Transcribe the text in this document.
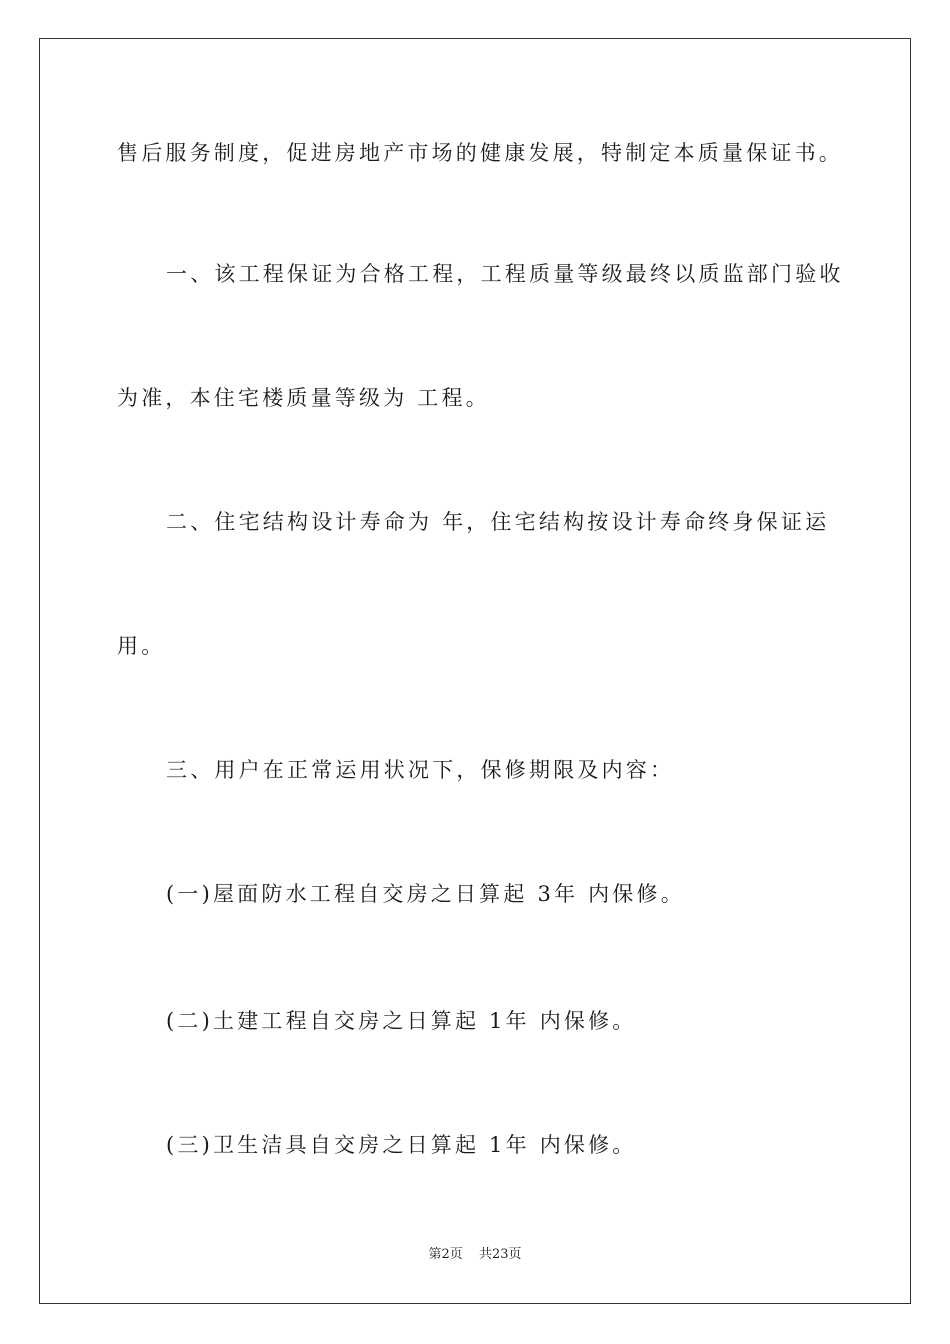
售后服务制度，促进房地产市场的健康发展，特制定本质量保证书。
一、该工程保证为合格工程，工程质量等级最终以质监部门验收
为准，本住宅楼质量等级为 工程。
二、住宅结构设计寿命为 年，住宅结构按设计寿命终身保证运
用。
三、用户在正常运用状况下，保修期限及内容：
(一)屋面防水工程自交房之日算起 3年 内保修。
(二)土建工程自交房之日算起 1年 内保修。
(三)卫生洁具自交房之日算起 1年 内保修。
第2页 共23页
